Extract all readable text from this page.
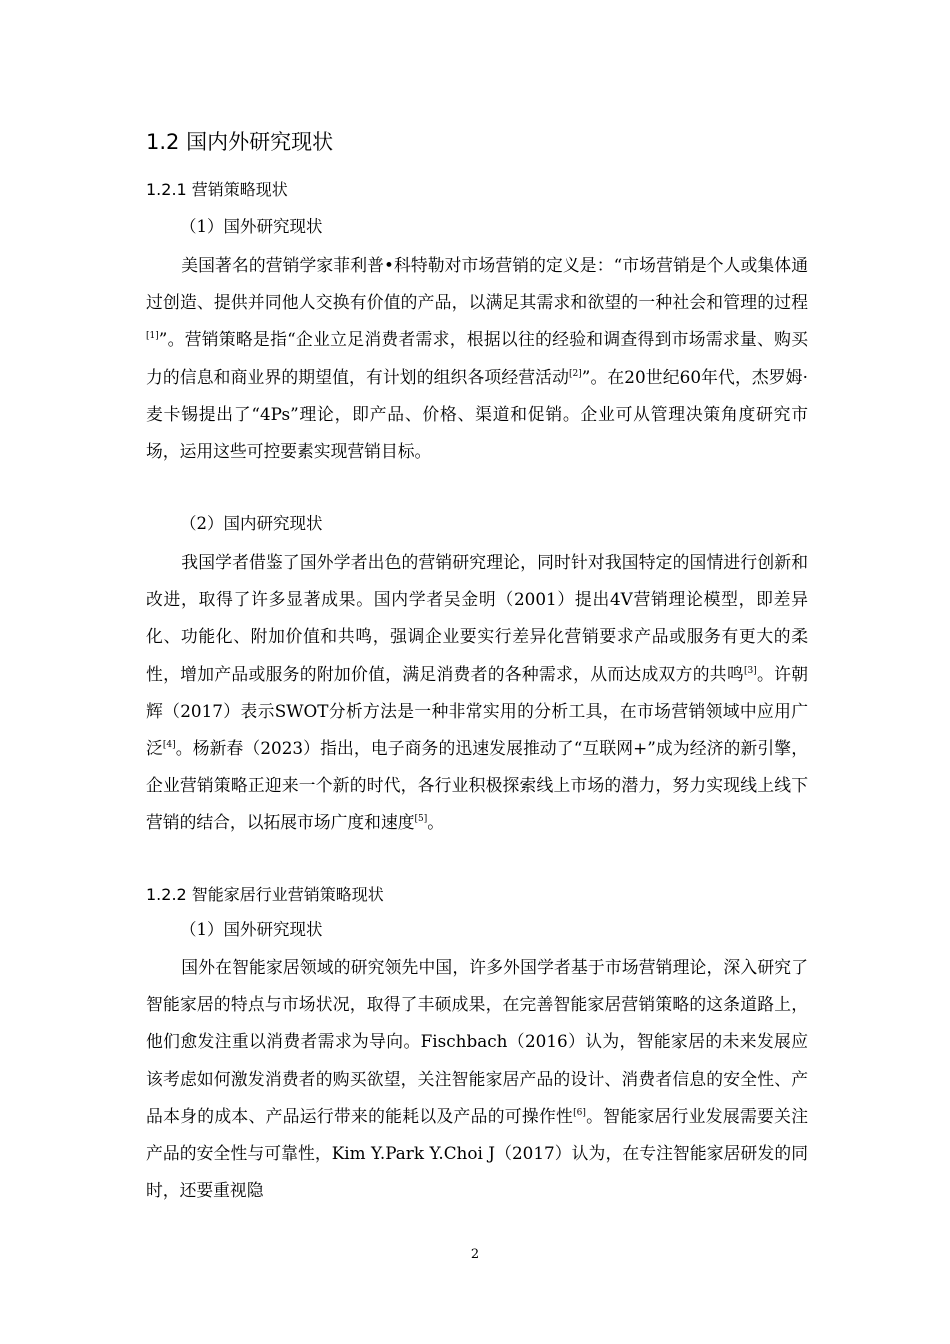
1.2 国内外研究现状
1.2.1 营销策略现状
（1）国外研究现状
美国著名的营销学家菲利普•科特勒对市场营销的定义是：“市场营销是个人或集体通过创造、提供并同他人交换有价值的产品，以满足其需求和欲望的一种社会和管理的过程[1]”。营销策略是指“企业立足消费者需求，根据以往的经验和调查得到市场需求量、购买力的信息和商业界的期望值，有计划的组织各项经营活动[2]”。在20世纪60年代，杰罗姆·麦卡锡提出了“4Ps”理论，即产品、价格、渠道和促销。企业可从管理决策角度研究市场，运用这些可控要素实现营销目标。
（2）国内研究现状
我国学者借鉴了国外学者出色的营销研究理论，同时针对我国特定的国情进行创新和改进，取得了许多显著成果。国内学者吴金明（2001）提出4V营销理论模型，即差异化、功能化、附加价值和共鸣，强调企业要实行差异化营销要求产品或服务有更大的柔性，增加产品或服务的附加价值，满足消费者的各种需求，从而达成双方的共鸣[3]。许朝辉（2017）表示SWOT分析方法是一种非常实用的分析工具，在市场营销领域中应用广泛[4]。杨新春（2023）指出，电子商务的迅速发展推动了“互联网+”成为经济的新引擎，企业营销策略正迎来一个新的时代，各行业积极探索线上市场的潜力，努力实现线上线下营销的结合，以拓展市场广度和速度[5]。
1.2.2 智能家居行业营销策略现状
（1）国外研究现状
国外在智能家居领域的研究领先中国，许多外国学者基于市场营销理论，深入研究了智能家居的特点与市场状况，取得了丰硕成果，在完善智能家居营销策略的这条道路上，他们愈发注重以消费者需求为导向。Fischbach（2016）认为，智能家居的未来发展应该考虑如何激发消费者的购买欲望，关注智能家居产品的设计、消费者信息的安全性、产品本身的成本、产品运行带来的能耗以及产品的可操作性[6]。智能家居行业发展需要关注产品的安全性与可靠性，Kim Y.Park Y.Choi J（2017）认为，在专注智能家居研发的同时，还要重视隐
2
